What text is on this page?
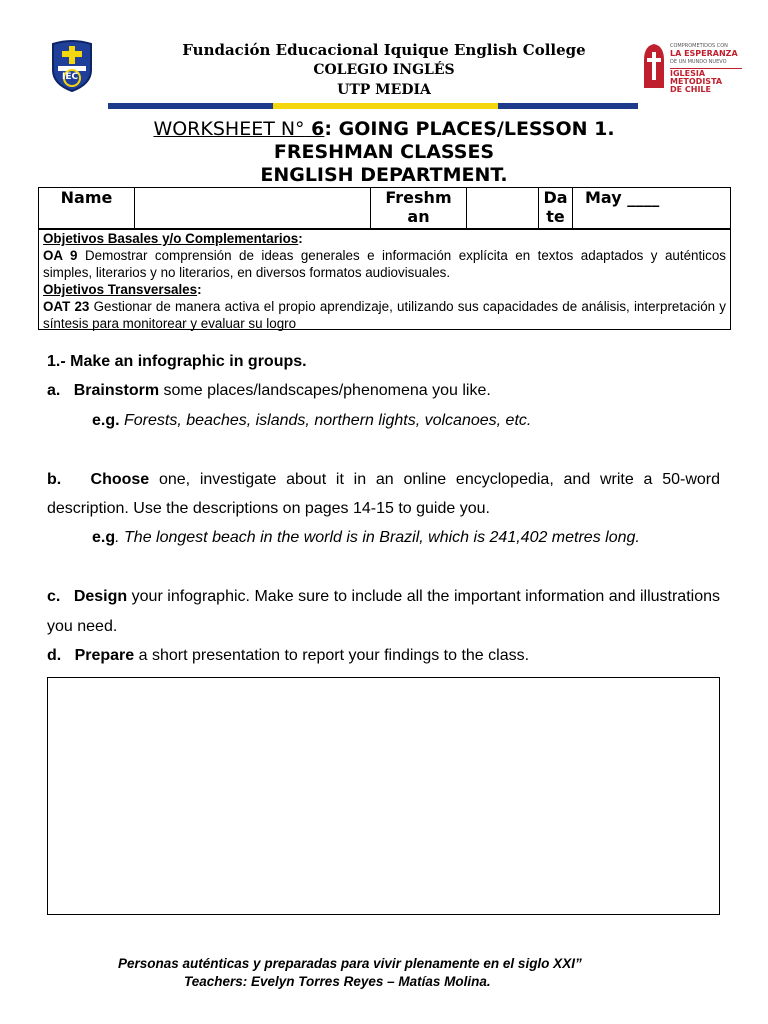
IEC
Fundación Educacional Iquique English College
COLEGIO INGLÉS
UTP MEDIA
COMPROMETIDOS CON
LA ESPERANZA
DE UN MUNDO NUEVO
IGLESIA METODISTA
DE CHILE
WORKSHEET N° 6: GOING PLACES/LESSON 1.
FRESHMAN CLASSES
ENGLISH DEPARTMENT.
Name		Freshm an		Da te	May ____
Objetivos Basales y/o Complementarios:
OA 9 Demostrar comprensión de ideas generales e información explícita en textos adaptados y auténticos simples, literarios y no literarios, en diversos formatos audiovisuales.
Objetivos Transversales:
OAT 23 Gestionar de manera activa el propio aprendizaje, utilizando sus capacidades de análisis, interpretación y síntesis para monitorear y evaluar su logro

1.- Make an infographic in groups.

a. Brainstorm some places/landscapes/phenomena you like.

e.g. Forests, beaches, islands, northern lights, volcanoes, etc.

b. Choose one, investigate about it in an online encyclopedia, and write a 50-word description. Use the descriptions on pages 14-15 to guide you.

e.g. The longest beach in the world is in Brazil, which is 241,402 metres long.

c. Design your infographic. Make sure to include all the important information and illustrations you need.

d. Prepare a short presentation to report your findings to the class.

Personas auténticas y preparadas para vivir plenamente en el siglo XXI”
Teachers: Evelyn Torres Reyes – Matías Molina.
